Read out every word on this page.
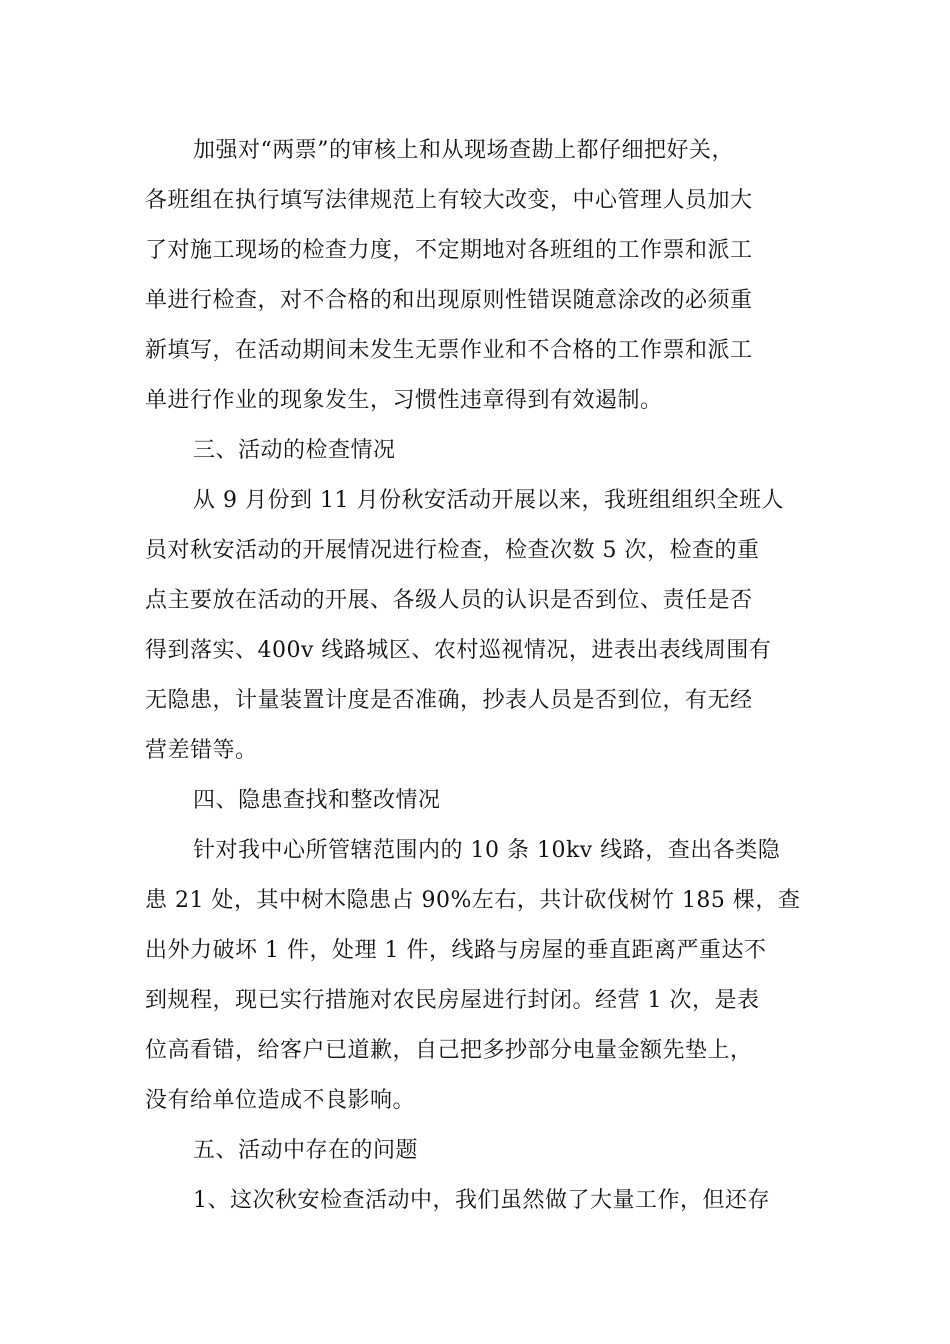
加强对“两票”的审核上和从现场查勘上都仔细把好关，
各班组在执行填写法律规范上有较大改变，中心管理人员加大
了对施工现场的检查力度，不定期地对各班组的工作票和派工
单进行检查，对不合格的和出现原则性错误随意涂改的必须重
新填写，在活动期间未发生无票作业和不合格的工作票和派工
单进行作业的现象发生，习惯性违章得到有效遏制。
三、活动的检查情况
从 9 月份到 11 月份秋安活动开展以来，我班组组织全班人
员对秋安活动的开展情况进行检查，检查次数 5 次，检查的重
点主要放在活动的开展、各级人员的认识是否到位、责任是否
得到落实、400v 线路城区、农村巡视情况，进表出表线周围有
无隐患，计量装置计度是否准确，抄表人员是否到位，有无经
营差错等。
四、隐患查找和整改情况
针对我中心所管辖范围内的 10 条 10kv 线路，查出各类隐
患 21 处，其中树木隐患占 90%左右，共计砍伐树竹 185 棵，查
出外力破坏 1 件，处理 1 件，线路与房屋的垂直距离严重达不
到规程，现已实行措施对农民房屋进行封闭。经营 1 次，是表
位高看错，给客户已道歉，自己把多抄部分电量金额先垫上，
没有给单位造成不良影响。
五、活动中存在的问题
1、这次秋安检查活动中，我们虽然做了大量工作，但还存
